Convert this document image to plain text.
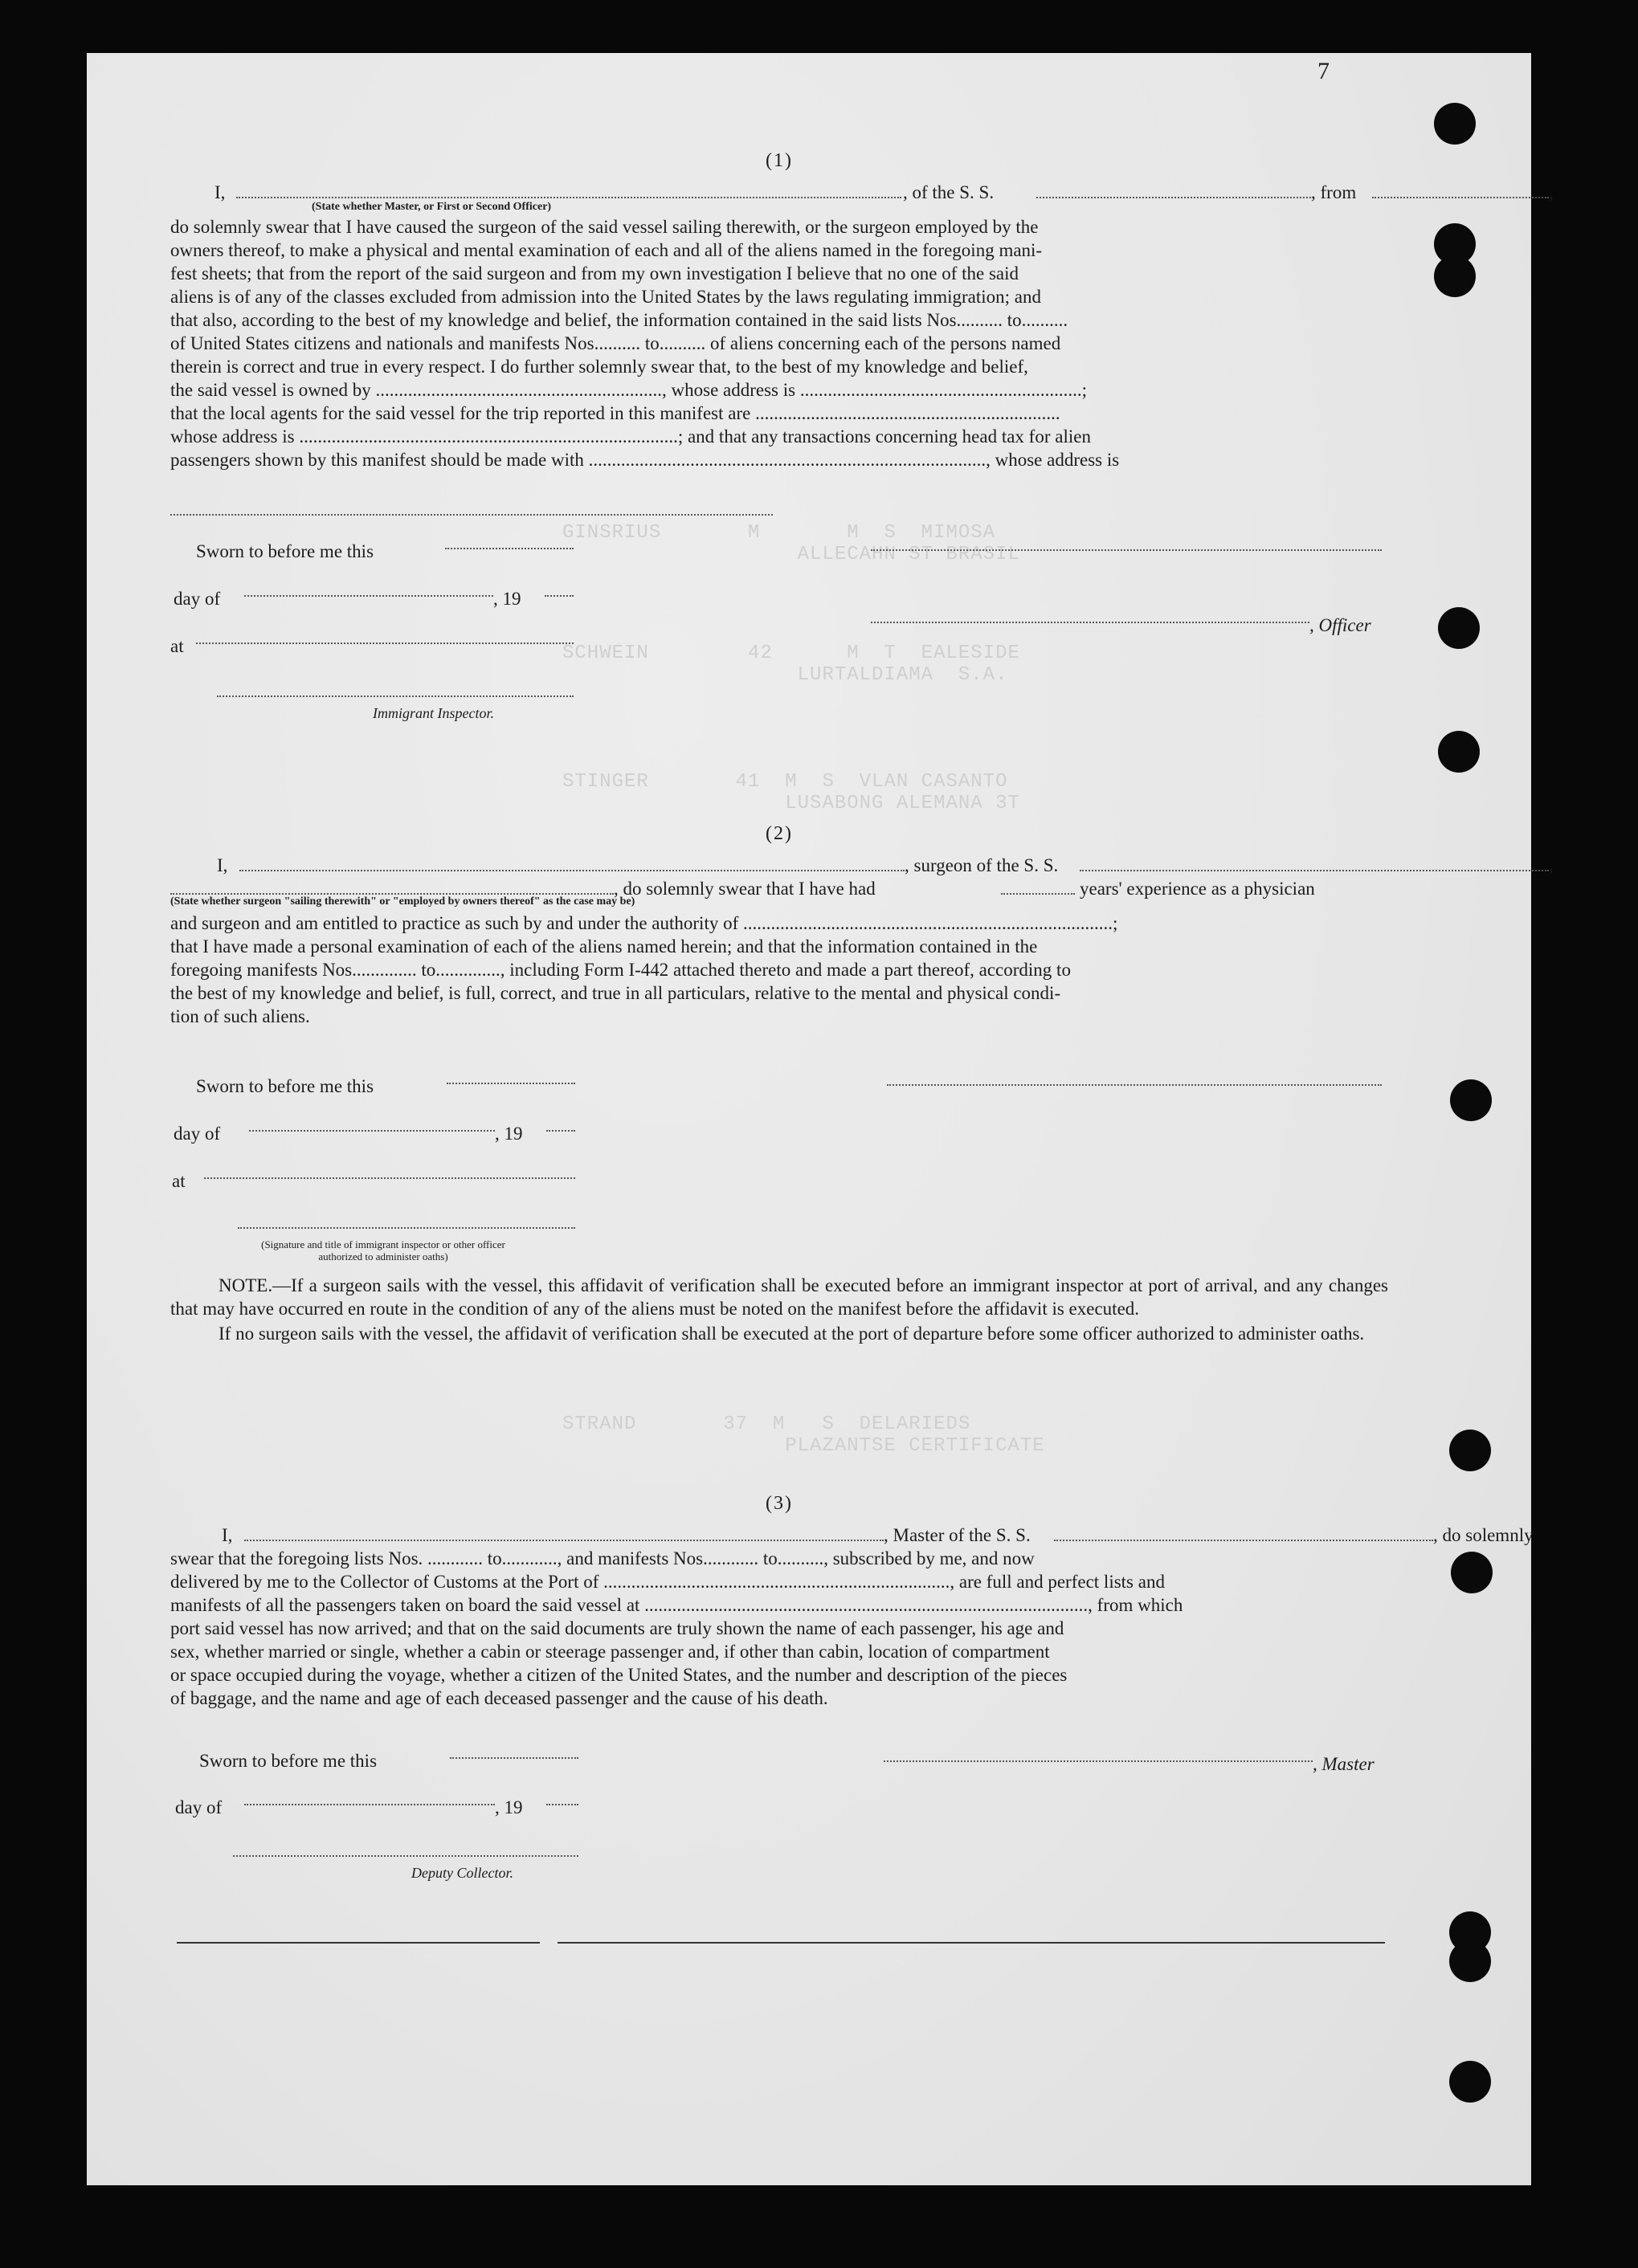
GINSRIUS       M       M  S  MIMOSA
ALLECAHN ST BRASIL
SCHWEIN        42      M  T  EALESIDE
LURTALDIAMA  S.A.
STINGER       41  M  S  VLAN CASANTO
LUSABONG ALEMANA 3T
STRAND       37  M   S  DELARIEDS
PLAZANTSE CERTIFICATE
7
(1)
I,	, of the S. S.	, from	,
(State whether Master, or First or Second Officer)

do solemnly swear that I have caused the surgeon of the said vessel sailing therewith, or the surgeon employed by the

owners thereof, to make a physical and mental examination of each and all of the aliens named in the foregoing mani-

fest sheets; that from the report of the said surgeon and from my own investigation I believe that no one of the said

aliens is of any of the classes excluded from admission into the United States by the laws regulating immigration; and

that also, according to the best of my knowledge and belief, the information contained in the said lists Nos.......... to..........

of United States citizens and nationals and manifests Nos.......... to.......... of aliens concerning each of the persons named

therein is correct and true in every respect. I do further solemnly swear that, to the best of my knowledge and belief,

the said vessel is owned by .............................................................., whose address is .............................................................;

that the local agents for the said vessel for the trip reported in this manifest are ..................................................................

whose address is ..................................................................................; and that any transactions concerning head tax for alien

passengers shown by this manifest should be made with ......................................................................................, whose address is

Sworn to before me this
day of	, 19
at
, Officer
Immigrant Inspector.
(2)
I,	, surgeon of the S. S.	,
, do solemnly swear that I have had	years' experience as a physician
(State whether surgeon "sailing therewith" or "employed by owners thereof" as the case may be)

and surgeon and am entitled to practice as such by and under the authority of ................................................................................;

that I have made a personal examination of each of the aliens named herein; and that the information contained in the

foregoing manifests Nos.............. to.............., including Form I-442 attached thereto and made a part thereof, according to

the best of my knowledge and belief, is full, correct, and true in all particulars, relative to the mental and physical condi-

tion of such aliens.

Sworn to before me this
day of	, 19
at
(Signature and title of immigrant inspector or other officer authorized to administer oaths)

NOTE.—If a surgeon sails with the vessel, this affidavit of verification shall be executed before an immigrant inspector at port of arrival, and any changes that may have occurred en route in the condition of any of the aliens must be noted on the manifest before the affidavit is executed.

If no surgeon sails with the vessel, the affidavit of verification shall be executed at the port of departure before some officer authorized to administer oaths.

(3)
I,	, Master of the S. S.	, do solemnly

swear that the foregoing lists Nos. ............ to............, and manifests Nos............ to.........., subscribed by me, and now

delivered by me to the Collector of Customs at the Port of ..........................................................................., are full and perfect lists and

manifests of all the passengers taken on board the said vessel at ................................................................................................, from which

port said vessel has now arrived; and that on the said documents are truly shown the name of each passenger, his age and

sex, whether married or single, whether a cabin or steerage passenger and, if other than cabin, location of compartment

or space occupied during the voyage, whether a citizen of the United States, and the number and description of the pieces

of baggage, and the name and age of each deceased passenger and the cause of his death.

Sworn to before me this	, Master
day of	, 19
Deputy Collector.
